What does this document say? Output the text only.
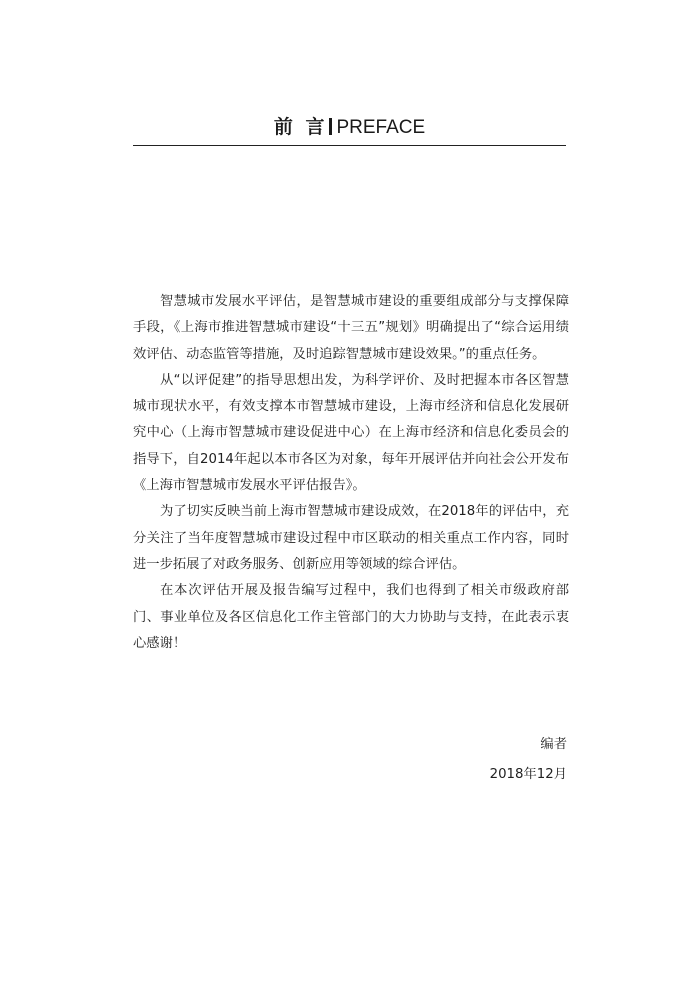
前 言 PREFACE

智慧城市发展水平评估，是智慧城市建设的重要组成部分与支撑保障手段，《上海市推进智慧城市建设“十三五”规划》明确提出了“综合运用绩效评估、动态监管等措施，及时追踪智慧城市建设效果。”的重点任务。

从“以评促建”的指导思想出发，为科学评价、及时把握本市各区智慧城市现状水平，有效支撑本市智慧城市建设，上海市经济和信息化发展研究中心（上海市智慧城市建设促进中心）在上海市经济和信息化委员会的指导下，自2014年起以本市各区为对象，每年开展评估并向社会公开发布《上海市智慧城市发展水平评估报告》。

为了切实反映当前上海市智慧城市建设成效，在2018年的评估中，充分关注了当年度智慧城市建设过程中市区联动的相关重点工作内容，同时进一步拓展了对政务服务、创新应用等领域的综合评估。

在本次评估开展及报告编写过程中，我们也得到了相关市级政府部门、事业单位及各区信息化工作主管部门的大力协助与支持，在此表示衷心感谢！

编者
2018年12月
